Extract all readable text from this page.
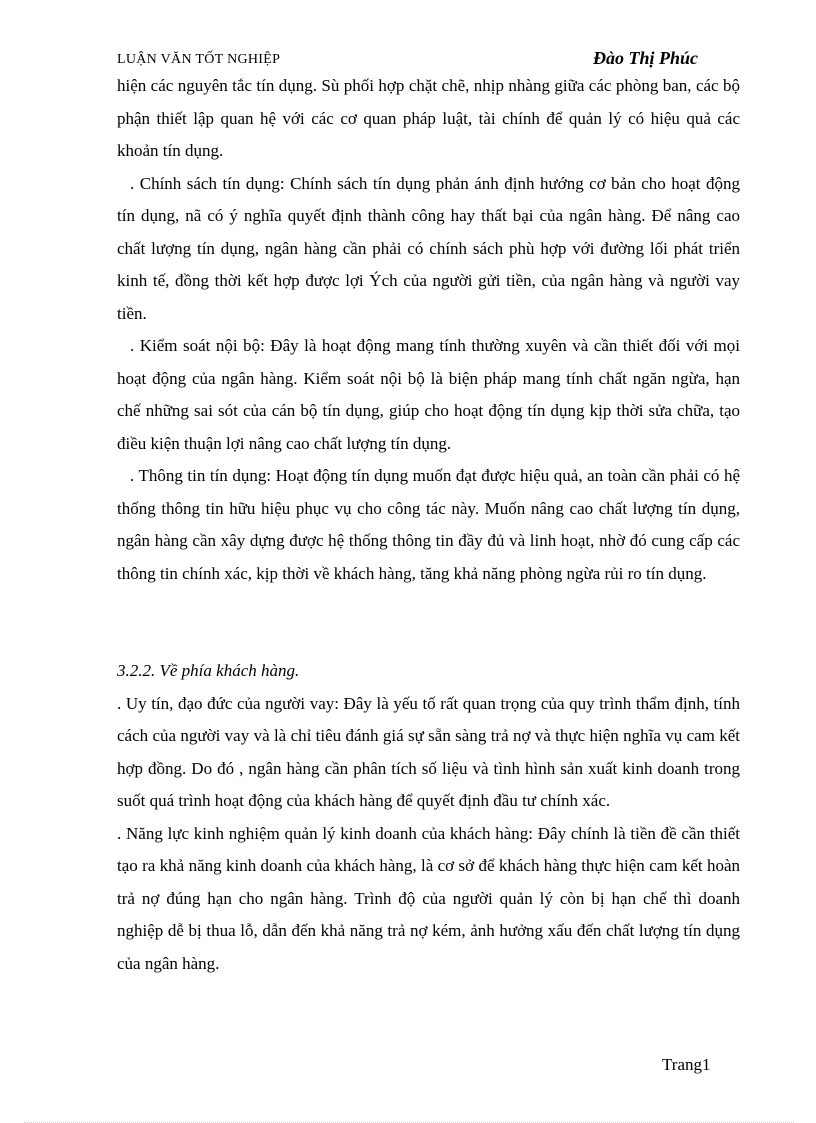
LUẬN VĂN TỐT NGHIỆP	Đào Thị Phúc

hiện các nguyên tắc tín dụng. Sù phối hợp chặt chẽ, nhịp nhàng giữa các phòng ban, các bộ phận thiết lập quan hệ với các cơ quan pháp luật, tài chính để quản lý có hiệu quả các khoản tín dụng.

. Chính sách tín dụng: Chính sách tín dụng phản ánh định hướng cơ bản cho hoạt động tín dụng, nã có ý nghĩa quyết định thành công hay thất bại của ngân hàng. Để nâng cao chất lượng tín dụng, ngân hàng cần phải có chính sách phù hợp với đường lối phát triển kinh tế, đồng thời kết hợp được lợi Ých của người gửi tiền, của ngân hàng và người vay tiền.

. Kiểm soát nội bộ: Đây là hoạt động mang tính thường xuyên và cần thiết đối với mọi hoạt động của ngân hàng. Kiểm soát nội bộ là biện pháp mang tính chất ngăn ngừa, hạn chế những sai sót của cán bộ tín dụng, giúp cho hoạt động tín dụng kịp thời sửa chữa, tạo điều kiện thuận lợi nâng cao chất lượng tín dụng.

. Thông tin tín dụng: Hoạt động tín dụng muốn đạt được hiệu quả, an toàn cần phải có hệ thống thông tin hữu hiệu phục vụ cho công tác này. Muốn nâng cao chất lượng tín dụng, ngân hàng cần xây dựng được hệ thống thông tin đầy đủ và linh hoạt, nhờ đó cung cấp các thông tin chính xác, kịp thời về khách hàng, tăng khả năng phòng ngừa rủi ro tín dụng.

3.2.2. Về phía khách hàng.

. Uy tín, đạo đức của người vay: Đây là yếu tố rất quan trọng của quy trình thẩm định, tính cách của người vay và là chỉ tiêu đánh giá sự sẵn sàng trả nợ và thực hiện nghĩa vụ cam kết hợp đồng. Do đó , ngân hàng cần phân tích số liệu và tình hình sản xuất kinh doanh trong suốt quá trình hoạt động của khách hàng để quyết định đầu tư chính xác.

. Năng lực kinh nghiệm quản lý kinh doanh của khách hàng: Đây chính là tiền đề cần thiết tạo ra khả năng kinh doanh của khách hàng, là cơ sở để khách hàng thực hiện cam kết hoàn trả nợ đúng hạn cho ngân hàng. Trình độ của người quản lý còn bị hạn chế thì doanh nghiệp dễ bị thua lỗ, dẫn đến khả năng trả nợ kém, ảnh hưởng xấu đến chất lượng tín dụng của ngân hàng.

Trang1
